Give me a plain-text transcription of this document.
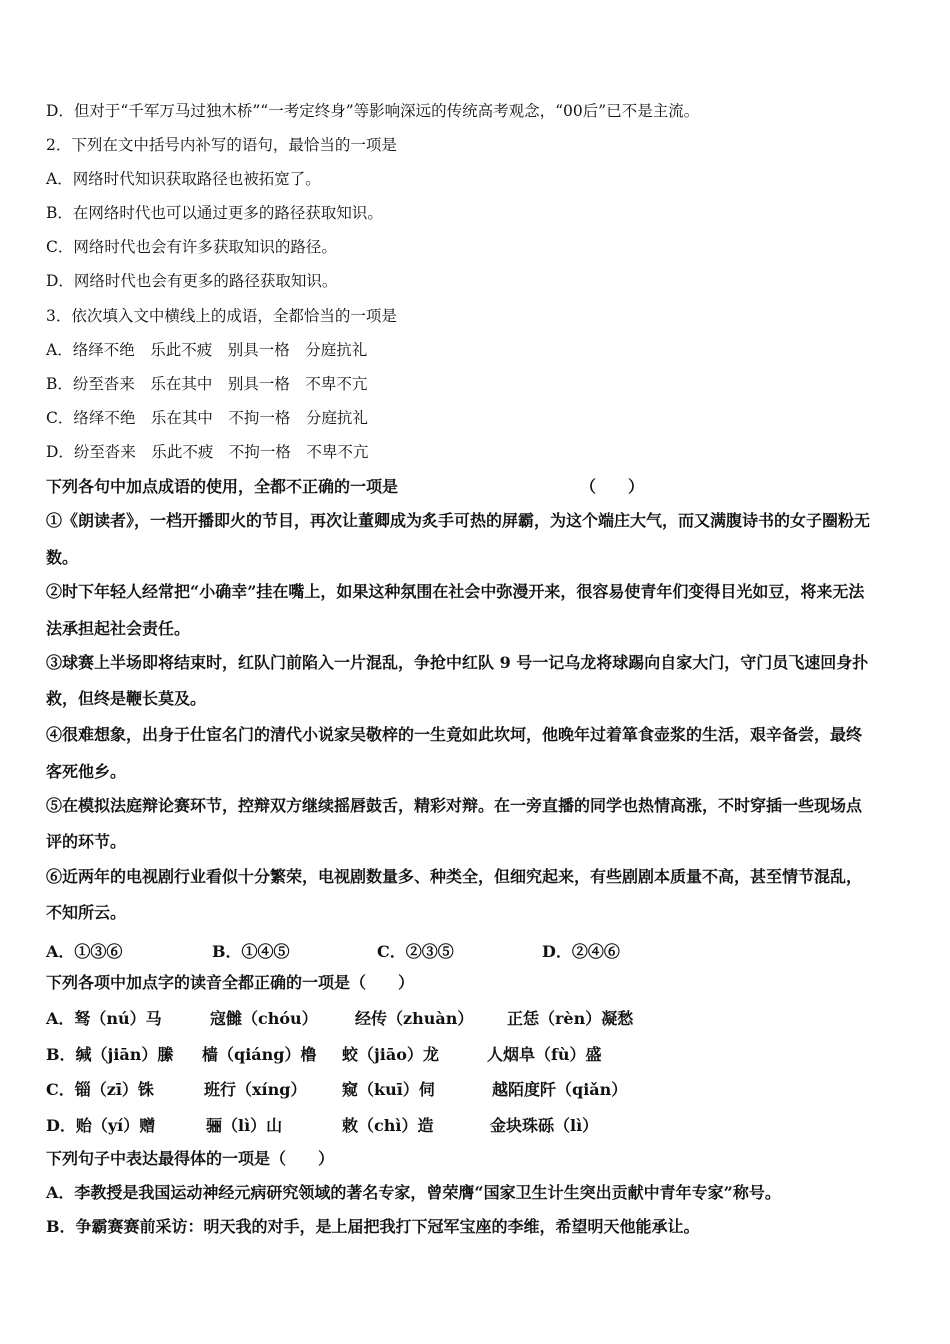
D．但对于“千军万马过独木桥”“一考定终身”等影响深远的传统高考观念，“00后”已不是主流。
2．下列在文中括号内补写的语句，最恰当的一项是
A．网络时代知识获取路径也被拓宽了。
B．在网络时代也可以通过更多的路径获取知识。
C．网络时代也会有许多获取知识的路径。
D．网络时代也会有更多的路径获取知识。
3．依次填入文中横线上的成语，全都恰当的一项是
A．络绎不绝　乐此不疲　别具一格　分庭抗礼
B．纷至沓来　乐在其中　别具一格　不卑不亢
C．络绎不绝　乐在其中　不拘一格　分庭抗礼
D．纷至沓来　乐此不疲　不拘一格　不卑不亢
下列各句中加点成语的使用，全都不正确的一项是	（　　）
①《朗读者》，一档开播即火的节目，再次让董卿成为炙手可热的屏霸，为这个端庄大气，而又满腹诗书的女子圈粉无
数。
②时下年轻人经常把“小确幸”挂在嘴上，如果这种氛围在社会中弥漫开来，很容易使青年们变得目光如豆，将来无法
法承担起社会责任。
③球赛上半场即将结束时，红队门前陷入一片混乱，争抢中红队 9 号一记乌龙将球踢向自家大门，守门员飞速回身扑
救，但终是鞭长莫及。
④很难想象，出身于仕宦名门的清代小说家吴敬梓的一生竟如此坎坷，他晚年过着箪食壶浆的生活，艰辛备尝，最终
客死他乡。
⑤在模拟法庭辩论赛环节，控辩双方继续摇唇鼓舌，精彩对辩。在一旁直播的同学也热情高涨，不时穿插一些现场点
评的环节。
⑥近两年的电视剧行业看似十分繁荣，电视剧数量多、种类全，但细究起来，有些剧剧本质量不高，甚至情节混乱，
不知所云。
A．①③⑥	B．①④⑤	C．②③⑤	D．②④⑥
下列各项中加点字的读音全都正确的一项是（　　）
A．驽（nú）马	寇雠（chóu） 经传（zhuàn） 正恁（rèn）凝愁
B．缄（jiān）縢 樯（qiáng）橹 蛟（jiāo）龙	人烟阜（fù）盛
C．锱（zī）铢	班行（xíng） 窥（kuī）伺	越陌度阡（qiǎn）
D．贻（yí）赠	骊（lì）山	敕（chì）造	金块珠砾（lì）
下列句子中表达最得体的一项是（　　）
A．李教授是我国运动神经元病研究领域的著名专家，曾荣膺“国家卫生计生突出贡献中青年专家”称号。
B．争霸赛赛前采访：明天我的对手，是上届把我打下冠军宝座的李维，希望明天他能承让。
